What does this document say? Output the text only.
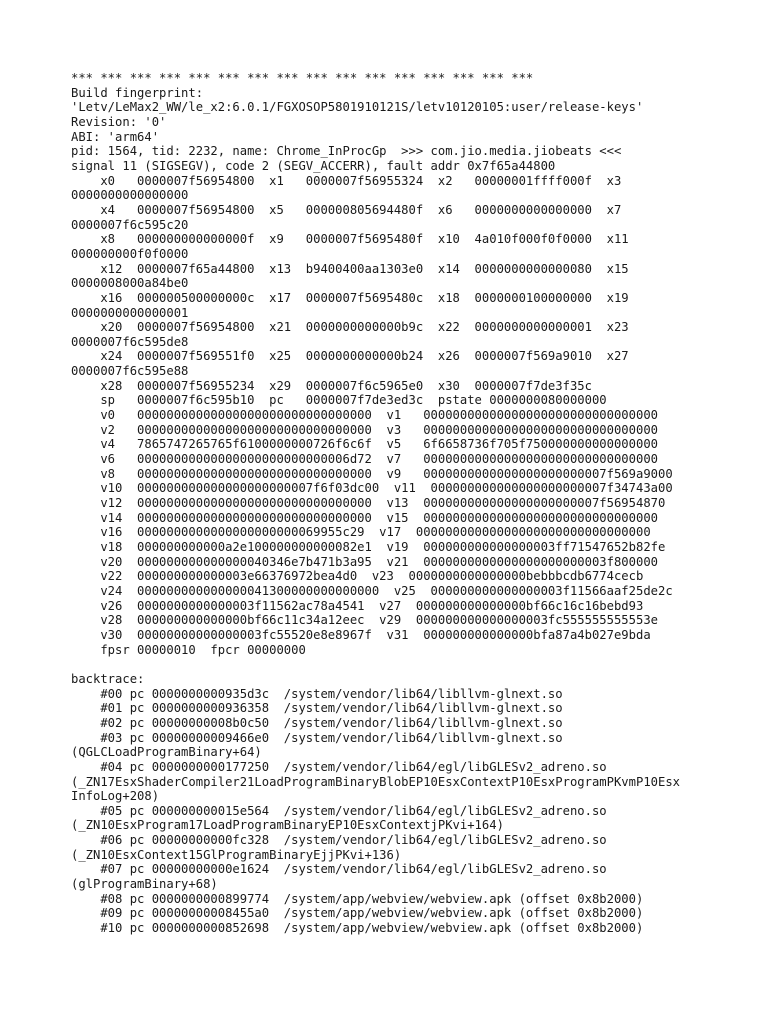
*** *** *** *** *** *** *** *** *** *** *** *** *** *** *** ***
Build fingerprint:
'Letv/LeMax2_WW/le_x2:6.0.1/FGXOSOP5801910121S/letv10120105:user/release-keys'
Revision: '0'
ABI: 'arm64'
pid: 1564, tid: 2232, name: Chrome_InProcGp  >>> com.jio.media.jiobeats <<<
signal 11 (SIGSEGV), code 2 (SEGV_ACCERR), fault addr 0x7f65a44800
x0   0000007f56954800  x1   0000007f56955324  x2   00000001ffff000f  x3
0000000000000000
x4   0000007f56954800  x5   000000805694480f  x6   0000000000000000  x7
0000007f6c595c20
x8   000000000000000f  x9   0000007f5695480f  x10  4a010f000f0f0000  x11
000000000f0f0000
x12  0000007f65a44800  x13  b9400400aa1303e0  x14  0000000000000080  x15
0000008000a84be0
x16  000000500000000c  x17  0000007f5695480c  x18  0000000100000000  x19
0000000000000001
x20  0000007f56954800  x21  0000000000000b9c  x22  0000000000000001  x23
0000007f6c595de8
x24  0000007f569551f0  x25  0000000000000b24  x26  0000007f569a9010  x27
0000007f6c595e88
x28  0000007f56955234  x29  0000007f6c5965e0  x30  0000007f7de3f35c
sp   0000007f6c595b10  pc   0000007f7de3ed3c  pstate 0000000080000000
v0   00000000000000000000000000000000  v1   00000000000000000000000000000000
v2   00000000000000000000000000000000  v3   00000000000000000000000000000000
v4   7865747265765f6100000000726f6c6f  v5   6f6658736f705f750000000000000000
v6   00000000000000000000000000006d72  v7   00000000000000000000000000000000
v8   00000000000000000000000000000000  v9   0000000000000000000000007f569a9000
v10  000000000000000000000007f6f03dc00  v11  000000000000000000000007f34743a00
v12  00000000000000000000000000000000  v13  000000000000000000000007f56954870
v14  00000000000000000000000000000000  v15  00000000000000000000000000000000
v16  0000000000000000000000069955c29  v17  00000000000000000000000000000000
v18  000000000000a2e100000000000082e1  v19  000000000000000003ff71547652b82fe
v20  000000000000000040346e7b471b3a95  v21  0000000000000000000000003f800000
v22  000000000000003e66376972bea4d0  v23  0000000000000000bebbbcdb6774cecb
v24  000000000000000041300000000000000  v25  000000000000000003f11566aaf25de2c
v26  0000000000000003f11562ac78a4541  v27  000000000000000bf66c16c16bebd93
v28  000000000000000bf66c11c34a12eec  v29  000000000000000003fc555555555553e
v30  00000000000000003fc55520e8e8967f  v31  000000000000000bfa87a4b027e9bda
fpsr 00000010  fpcr 00000000
backtrace:
#00 pc 0000000000935d3c  /system/vendor/lib64/libllvm-glnext.so
#01 pc 0000000000936358  /system/vendor/lib64/libllvm-glnext.so
#02 pc 00000000008b0c50  /system/vendor/lib64/libllvm-glnext.so
#03 pc 00000000009466e0  /system/vendor/lib64/libllvm-glnext.so
(QGLCLoadProgramBinary+64)
#04 pc 0000000000177250  /system/vendor/lib64/egl/libGLESv2_adreno.so
(_ZN17EsxShaderCompiler21LoadProgramBinaryBlobEP10EsxContextP10EsxProgramPKvmP10Esx
InfoLog+208)
#05 pc 000000000015e564  /system/vendor/lib64/egl/libGLESv2_adreno.so
(_ZN10EsxProgram17LoadProgramBinaryEP10EsxContextjPKvi+164)
#06 pc 00000000000fc328  /system/vendor/lib64/egl/libGLESv2_adreno.so
(_ZN10EsxContext15GlProgramBinaryEjjPKvi+136)
#07 pc 00000000000e1624  /system/vendor/lib64/egl/libGLESv2_adreno.so
(glProgramBinary+68)
#08 pc 0000000000899774  /system/app/webview/webview.apk (offset 0x8b2000)
#09 pc 00000000008455a0  /system/app/webview/webview.apk (offset 0x8b2000)
#10 pc 0000000000852698  /system/app/webview/webview.apk (offset 0x8b2000)
